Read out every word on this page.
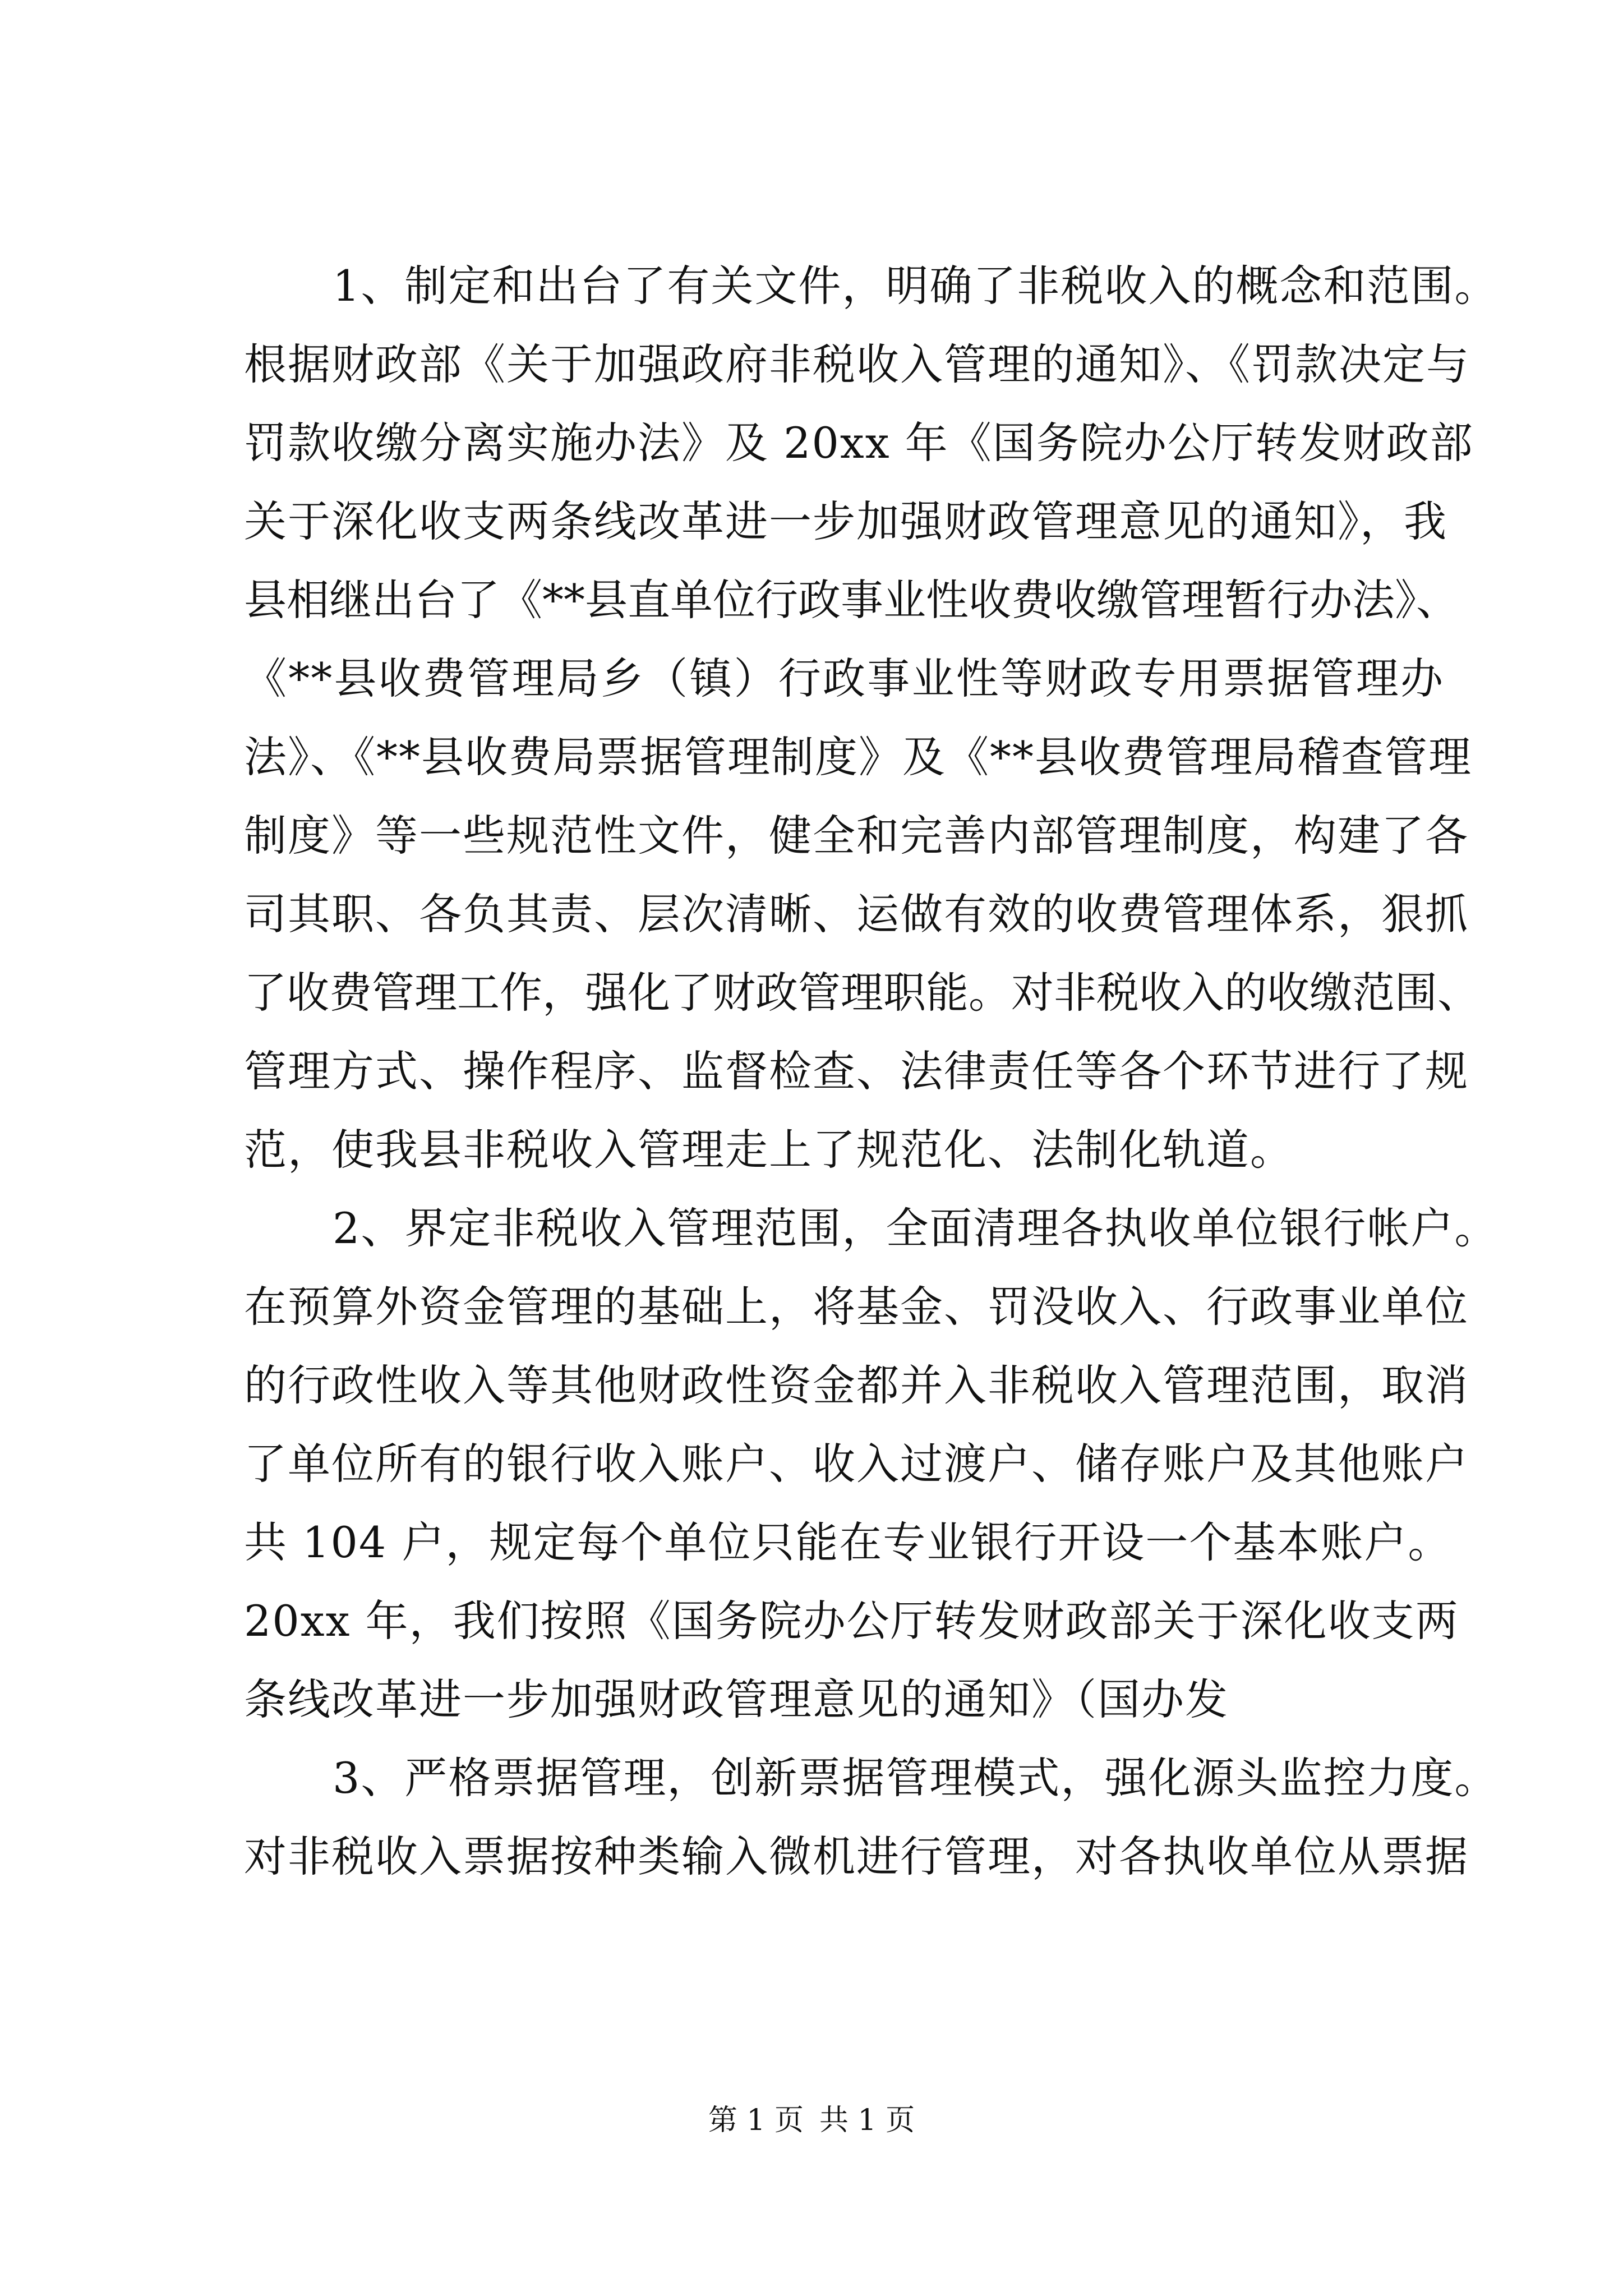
1、制定和出台了有关文件，明确了非税收入的概念和范围。
根据财政部《关于加强政府非税收入管理的通知》、《罚款决定与
罚款收缴分离实施办法》及 20xx 年《国务院办公厅转发财政部
关于深化收支两条线改革进一步加强财政管理意见的通知》，我
县相继出台了《**县直单位行政事业性收费收缴管理暂行办法》、
《**县收费管理局乡（镇）行政事业性等财政专用票据管理办
法》、《**县收费局票据管理制度》及《**县收费管理局稽查管理
制度》等一些规范性文件，健全和完善内部管理制度，构建了各
司其职、各负其责、层次清晰、运做有效的收费管理体系，狠抓
了收费管理工作，强化了财政管理职能。对非税收入的收缴范围、
管理方式、操作程序、监督检查、法律责任等各个环节进行了规
范，使我县非税收入管理走上了规范化、法制化轨道。
2、界定非税收入管理范围，全面清理各执收单位银行帐户。
在预算外资金管理的基础上，将基金、罚没收入、行政事业单位
的行政性收入等其他财政性资金都并入非税收入管理范围，取消
了单位所有的银行收入账户、收入过渡户、储存账户及其他账户
共 104 户，规定每个单位只能在专业银行开设一个基本账户。
20xx 年，我们按照《国务院办公厅转发财政部关于深化收支两
条线改革进一步加强财政管理意见的通知》（国办发
3、严格票据管理，创新票据管理模式，强化源头监控力度。
对非税收入票据按种类输入微机进行管理，对各执收单位从票据
第 1 页 共 1 页
